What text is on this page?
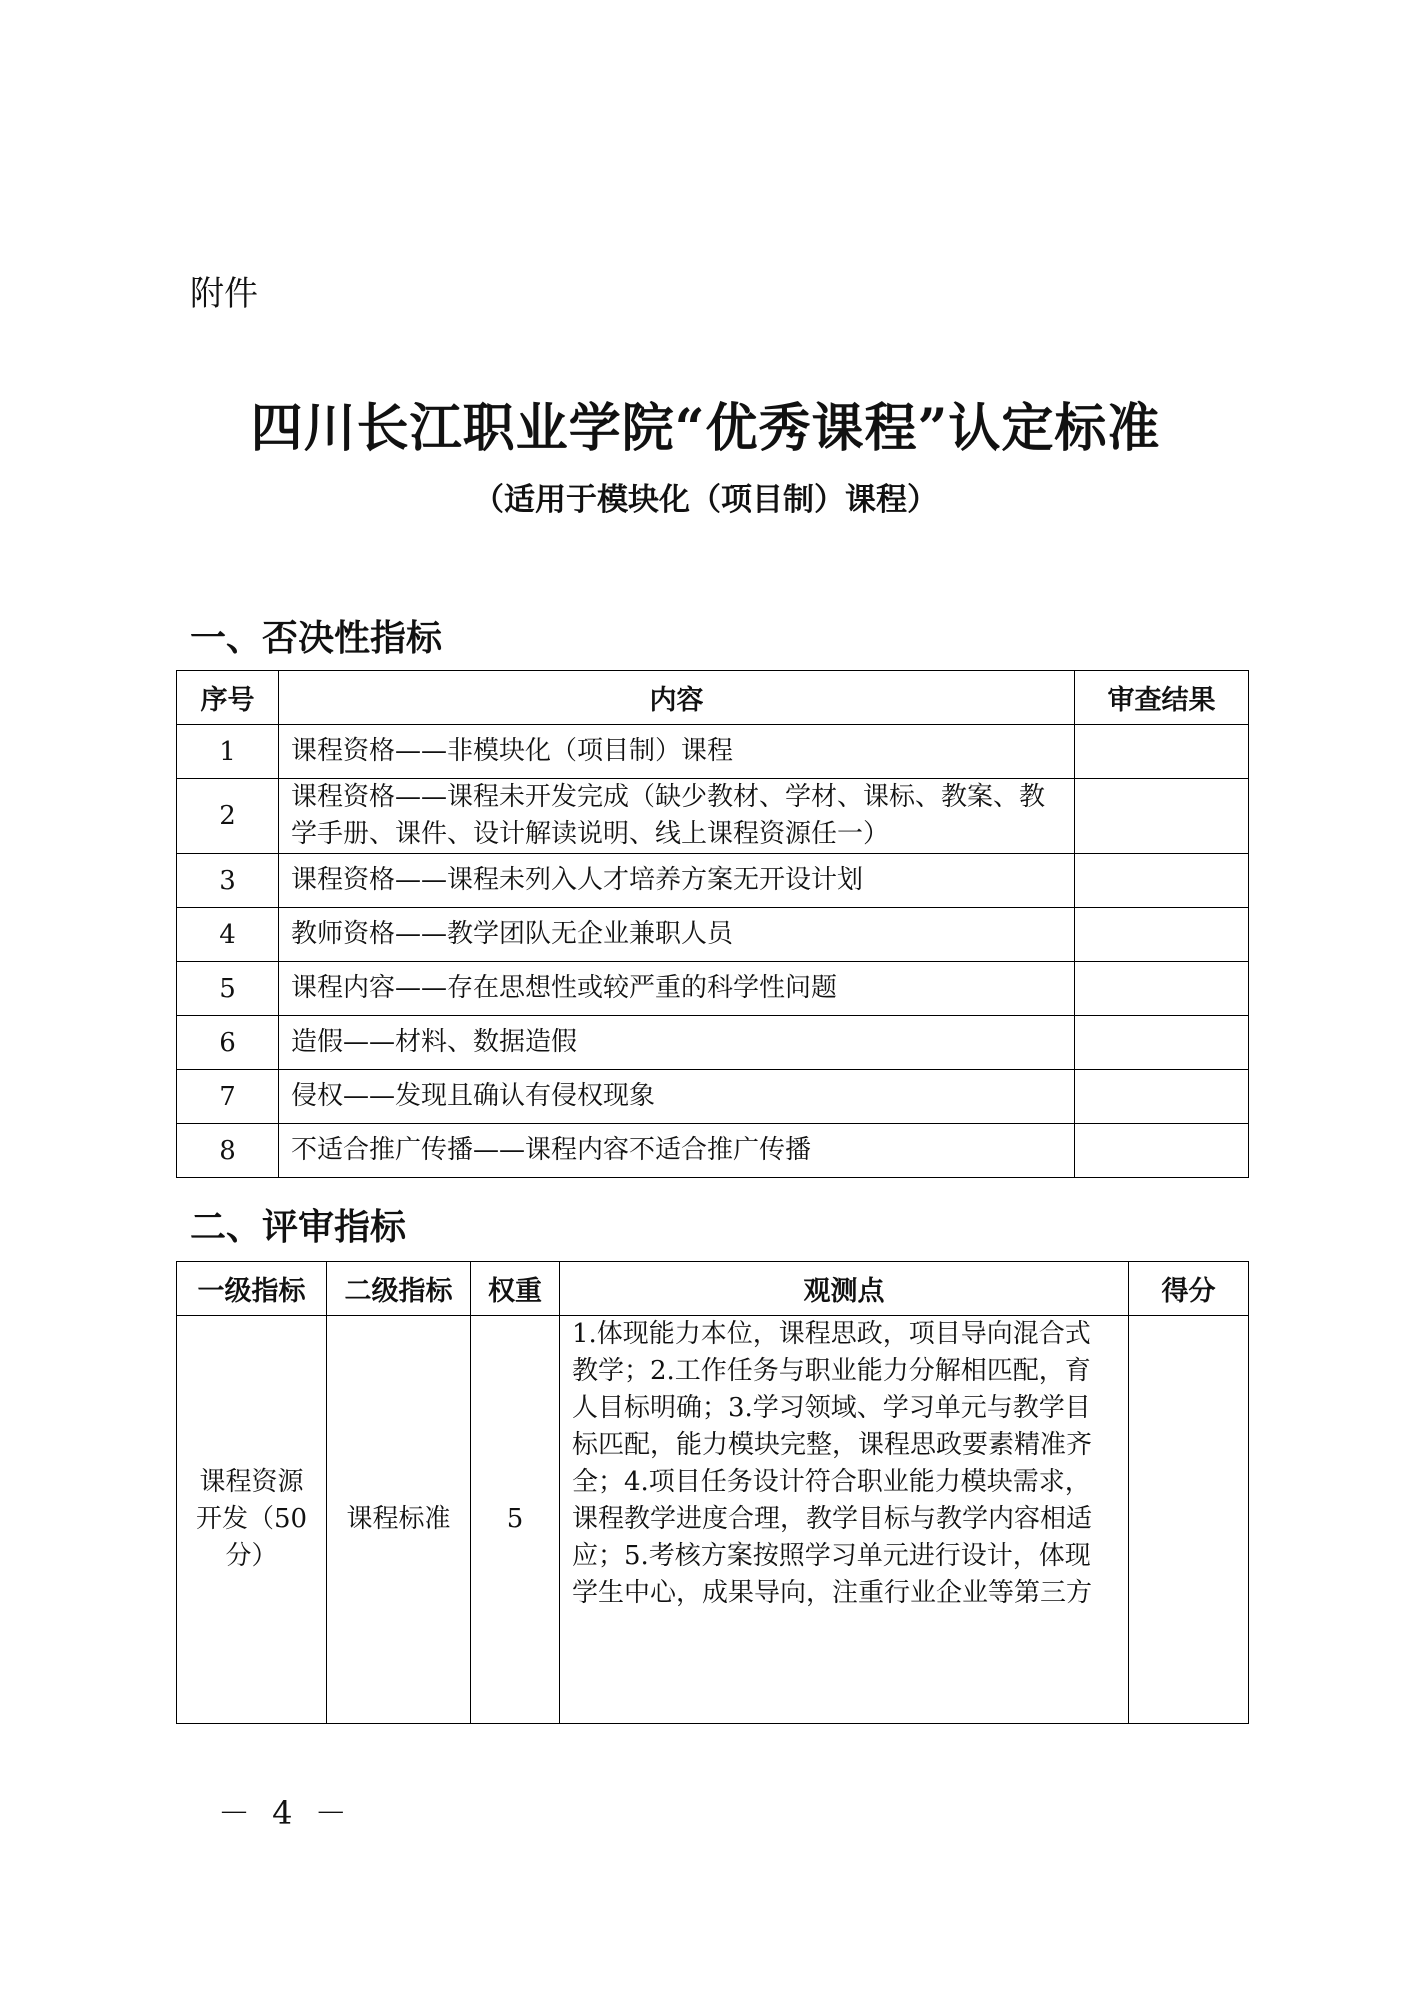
附件
四川长江职业学院“优秀课程”认定标准
（适用于模块化（项目制）课程）
一、否决性指标
序号	内容	审查结果
1	课程资格——非模块化（项目制）课程	
2	课程资格——课程未开发完成（缺少教材、学材、课标、教案、教学手册、课件、设计解读说明、线上课程资源任一）	
3	课程资格——课程未列入人才培养方案无开设计划	
4	教师资格——教学团队无企业兼职人员	
5	课程内容——存在思想性或较严重的科学性问题	
6	造假——材料、数据造假	
7	侵权——发现且确认有侵权现象	
8	不适合推广传播——课程内容不适合推广传播	
二、评审指标
一级指标	二级指标	权重	观测点	得分
课程资源开发（50分）	课程标准	5	1.体现能力本位，课程思政，项目导向混合式教学；2.工作任务与职业能力分解相匹配，育人目标明确；3.学习领域、学习单元与教学目标匹配，能力模块完整，课程思政要素精准齐全；4.项目任务设计符合职业能力模块需求，课程教学进度合理，教学目标与教学内容相适应；5.考核方案按照学习单元进行设计，体现学生中心，成果导向，注重行业企业等第三方	
－ 4 －
